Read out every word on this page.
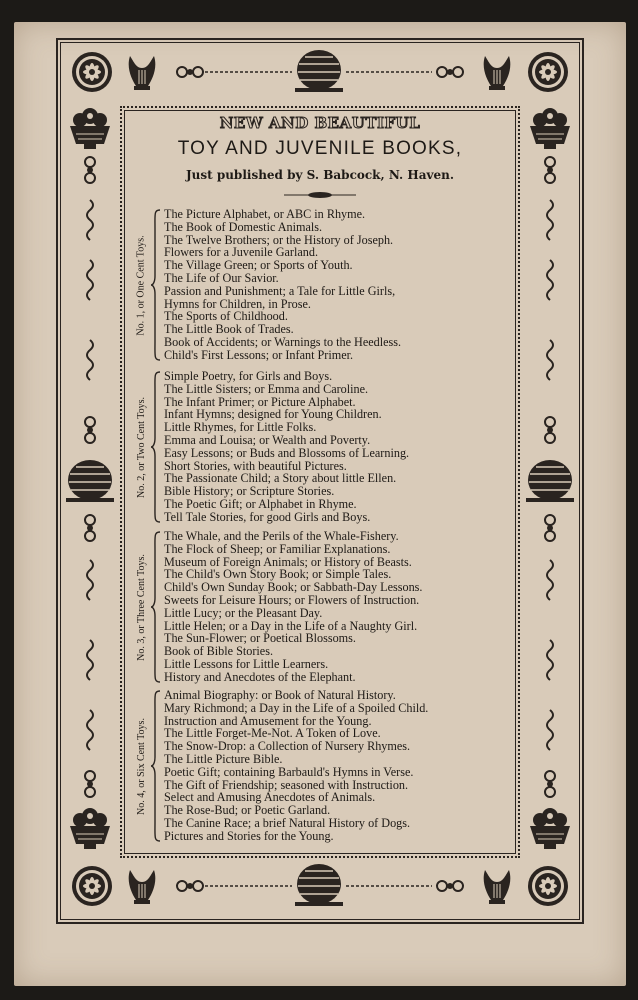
NEW AND BEAUTIFUL
TOY AND JUVENILE BOOKS,
Just published by S. Babcock, N. Haven.
No. 1, or One Cent Toys.
The Picture Alphabet, or ABC in Rhyme.
The Book of Domestic Animals.
The Twelve Brothers; or the History of Joseph.
Flowers for a Juvenile Garland.
The Village Green; or Sports of Youth.
The Life of Our Savior.
Passion and Punishment; a Tale for Little Girls,
Hymns for Children, in Prose.
The Sports of Childhood.
The Little Book of Trades.
Book of Accidents; or Warnings to the Heedless.
Child's First Lessons; or Infant Primer.
No. 2, or Two Cent Toys.
Simple Poetry, for Girls and Boys.
The Little Sisters; or Emma and Caroline.
The Infant Primer; or Picture Alphabet.
Infant Hymns; designed for Young Children.
Little Rhymes, for Little Folks.
Emma and Louisa; or Wealth and Poverty.
Easy Lessons; or Buds and Blossoms of Learning.
Short Stories, with beautiful Pictures.
The Passionate Child; a Story about little Ellen.
Bible History; or Scripture Stories.
The Poetic Gift; or Alphabet in Rhyme.
Tell Tale Stories, for good Girls and Boys.
No. 3, or Three Cent Toys.
The Whale, and the Perils of the Whale-Fishery.
The Flock of Sheep; or Familiar Explanations.
Museum of Foreign Animals; or History of Beasts.
The Child's Own Story Book; or Simple Tales.
Child's Own Sunday Book; or Sabbath-Day Lessons.
Sweets for Leisure Hours; or Flowers of Instruction.
Little Lucy; or the Pleasant Day.
Little Helen; or a Day in the Life of a Naughty Girl.
The Sun-Flower; or Poetical Blossoms.
Book of Bible Stories.
Little Lessons for Little Learners.
History and Anecdotes of the Elephant.
No. 4, or Six Cent Toys.
Animal Biography: or Book of Natural History.
Mary Richmond; a Day in the Life of a Spoiled Child.
Instruction and Amusement for the Young.
The Little Forget-Me-Not. A Token of Love.
The Snow-Drop: a Collection of Nursery Rhymes.
The Little Picture Bible.
Poetic Gift; containing Barbauld's Hymns in Verse.
The Gift of Friendship; seasoned with Instruction.
Select and Amusing Anecdotes of Animals.
The Rose-Bud; or Poetic Garland.
The Canine Race; a brief Natural History of Dogs.
Pictures and Stories for the Young.
